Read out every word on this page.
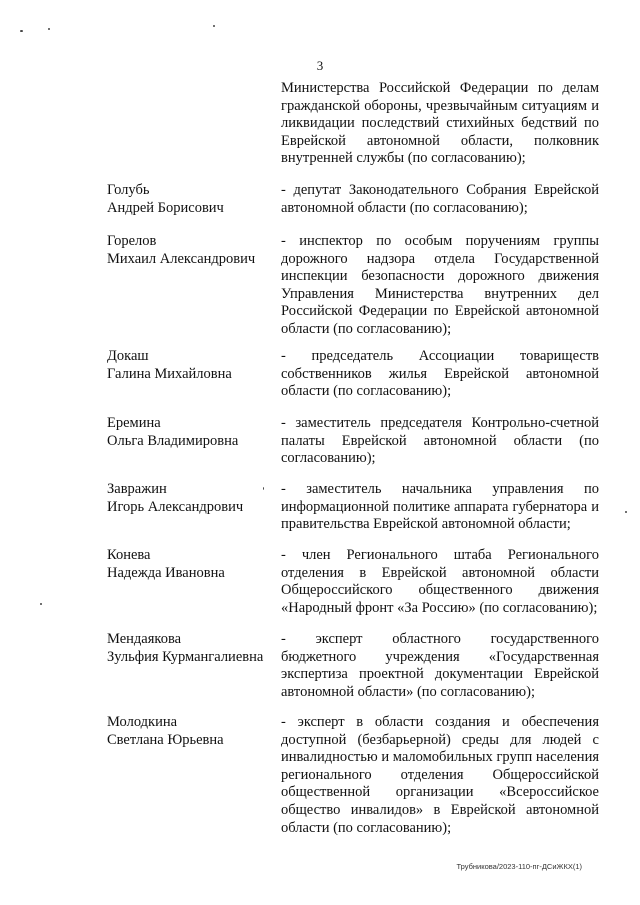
3
Министерства Российской Федерации по делам гражданской обороны, чрезвычайным ситуациям и ликвидации последствий стихийных бедствий по Еврейской автономной области, полковник внутренней службы (по согласованию);
Голубь
Андрей Борисович
- депутат Законодательного Собрания Еврейской автономной области (по согласованию);
Горелов
Михаил Александрович
- инспектор по особым поручениям группы дорожного надзора отдела Государственной инспекции безопасности дорожного движения Управления Министерства внутренних дел Российской Федерации по Еврейской автономной области (по согласованию);
Докаш
Галина Михайловна
- председатель Ассоциации товариществ собственников жилья Еврейской автономной области (по согласованию);
Еремина
Ольга Владимировна
- заместитель председателя Контрольно-счетной палаты Еврейской автономной области (по согласованию);
Завражин
Игорь Александрович
- заместитель начальника управления по информационной политике аппарата губернатора и правительства Еврейской автономной области;
Конева
Надежда Ивановна
- член Регионального штаба Регионального отделения в Еврейской автономной области Общероссийского общественного движения «Народный фронт «За Россию» (по согласованию);
Мендаякова
Зульфия Курмангалиевна
- эксперт областного государственного бюджетного учреждения «Государственная экспертиза проектной документации Еврейской автономной области» (по согласованию);
Молодкина
Светлана Юрьевна
- эксперт в области создания и обеспечения доступной (безбарьерной) среды для людей с инвалидностью и маломобильных групп населения регионального отделения Общероссийской общественной организации «Всероссийское общество инвалидов» в Еврейской автономной области (по согласованию);
Трубникова/2023-110-пг-ДСиЖКХ(1)
